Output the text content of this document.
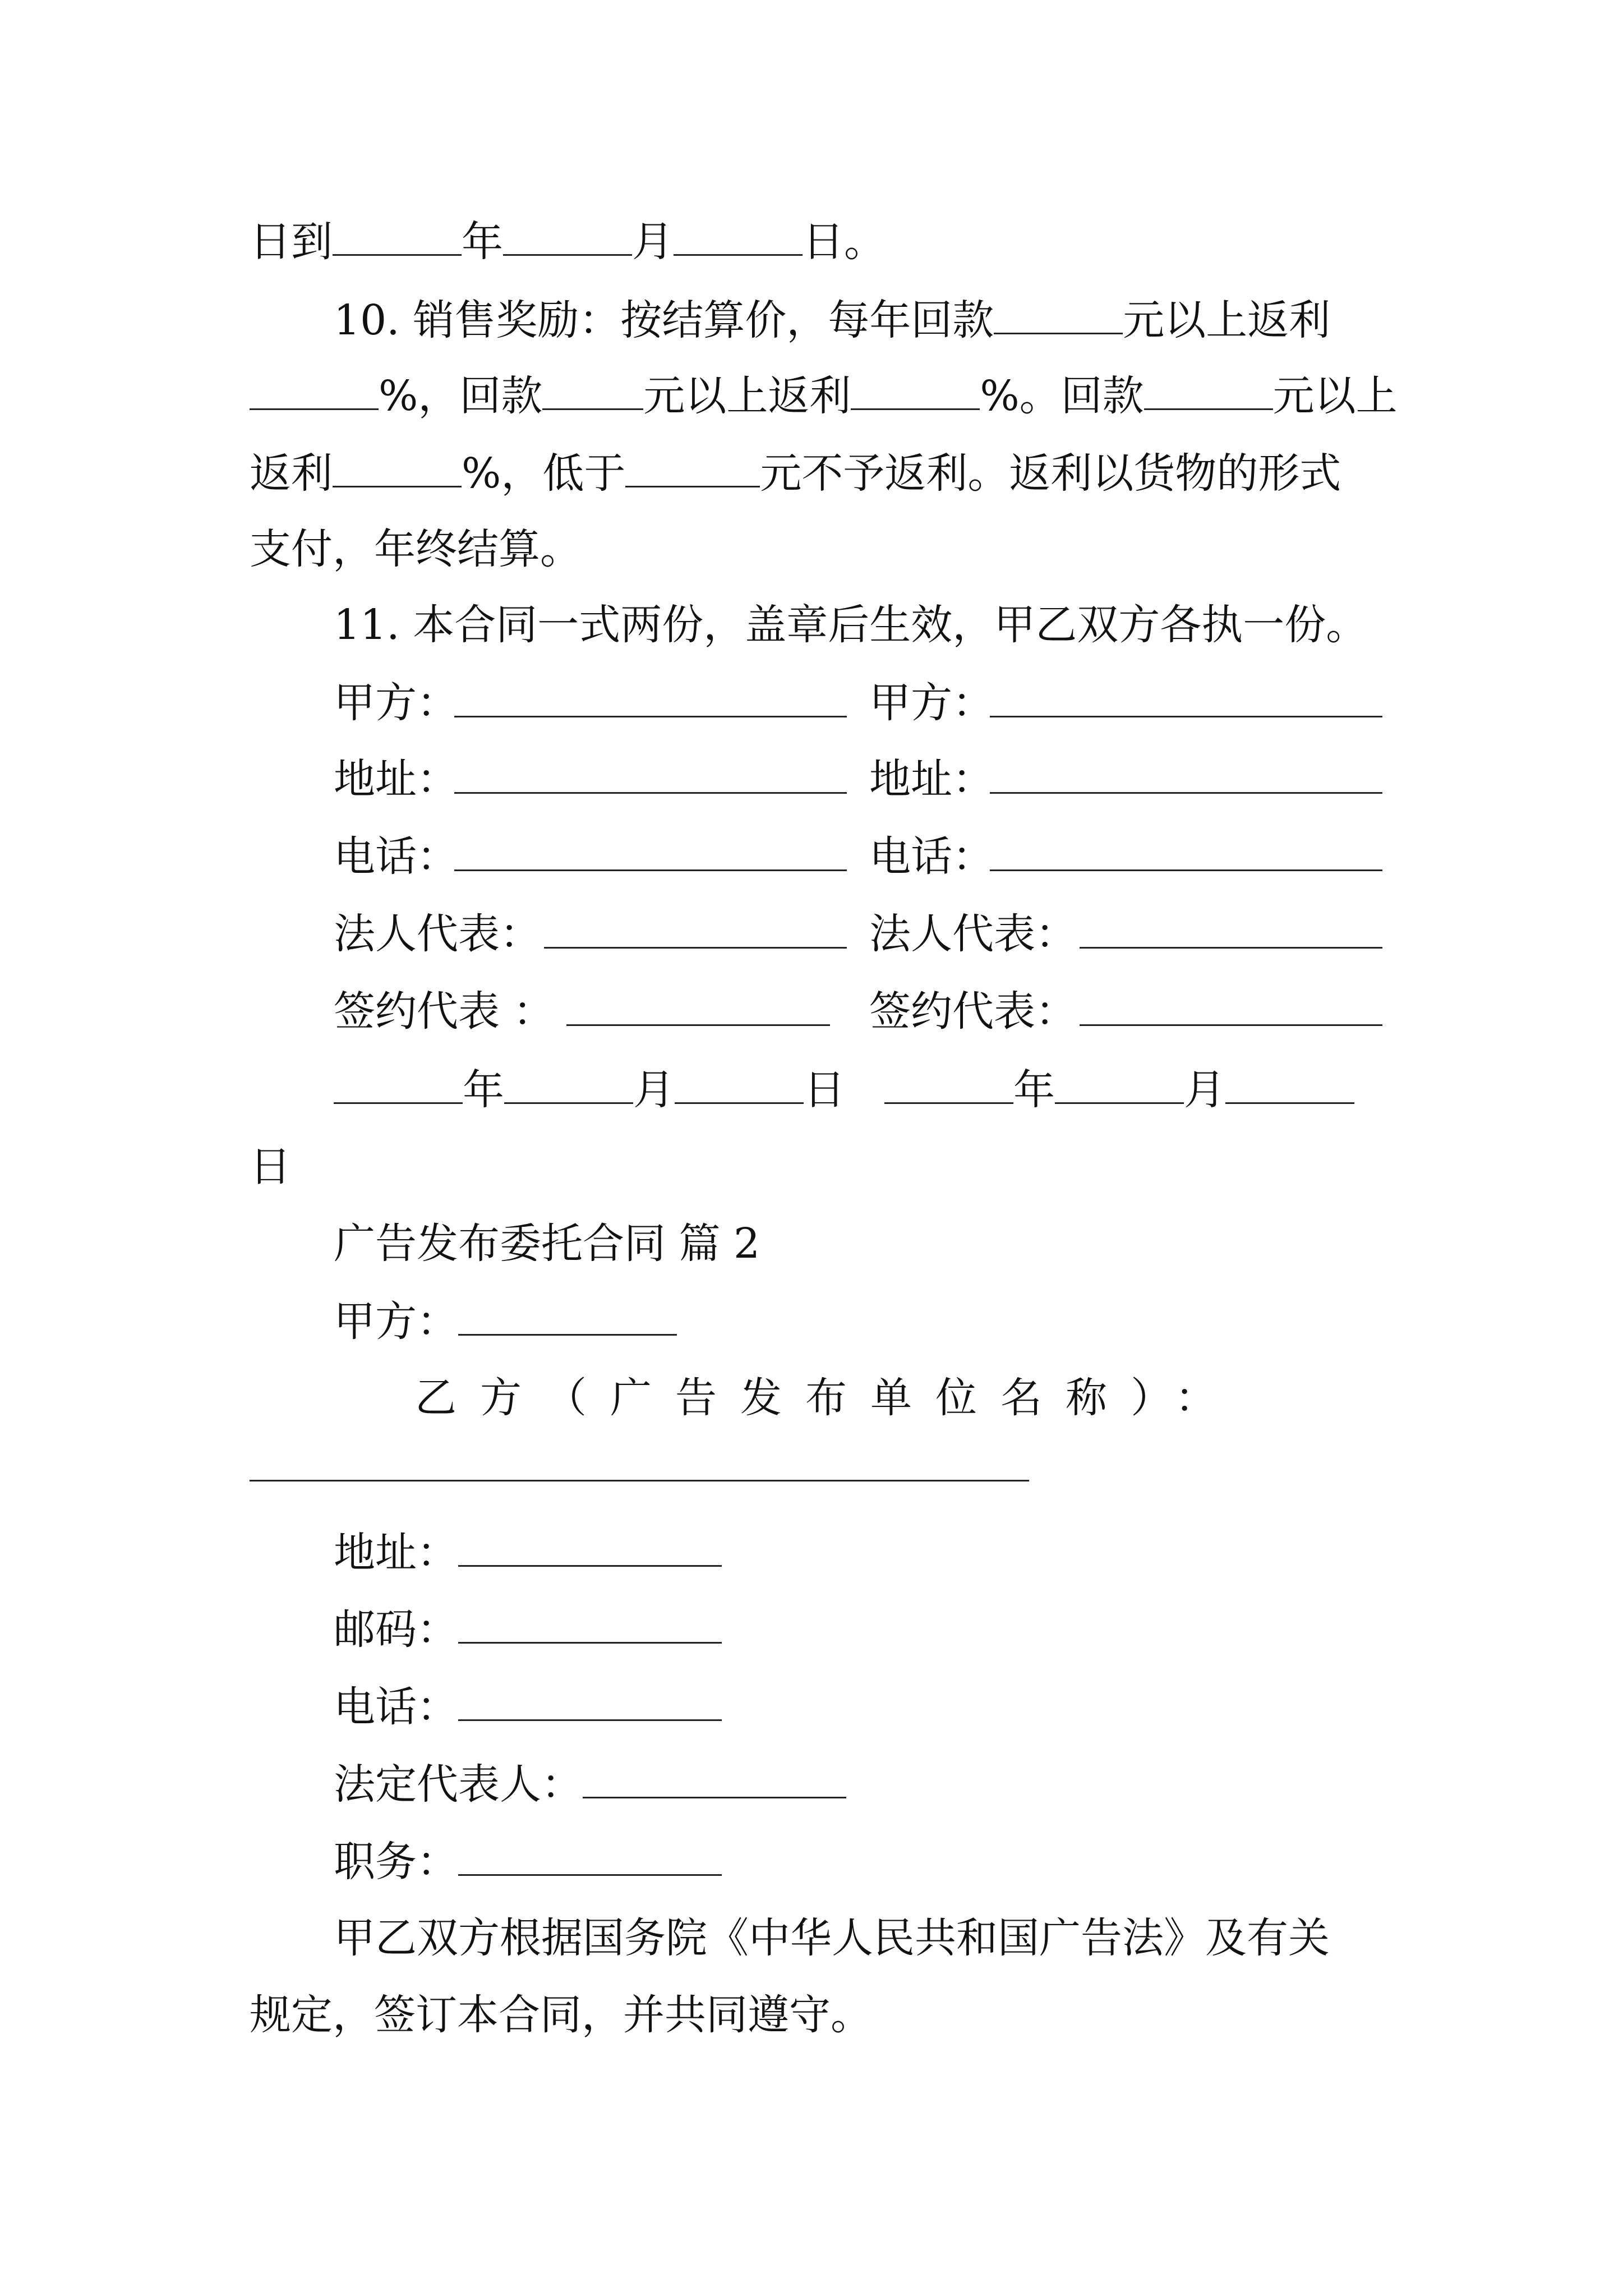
日到	年	月	日。
10. 销售奖励：按结算价，每年回款	元以上返利
%，回款 元以上返利	%。回款	元以上
返利	%，低于	元不予返利。返利以货物的形式
支付，年终结算。
11. 本合同一式两份，盖章后生效，甲乙双方各执一份。
甲方：	甲方：
地址：	地址：
电话：	电话：
法人代表：	法人代表：
签约代表 ：	签约代表：
年	月	日	年	月
日
广告发布委托合同 篇 2
甲方：
乙方（广告发布单位名称）：
地址：
邮码：
电话：
法定代表人：
职务：
甲乙双方根据国务院《中华人民共和国广告法》及有关
规定，签订本合同，并共同遵守。
